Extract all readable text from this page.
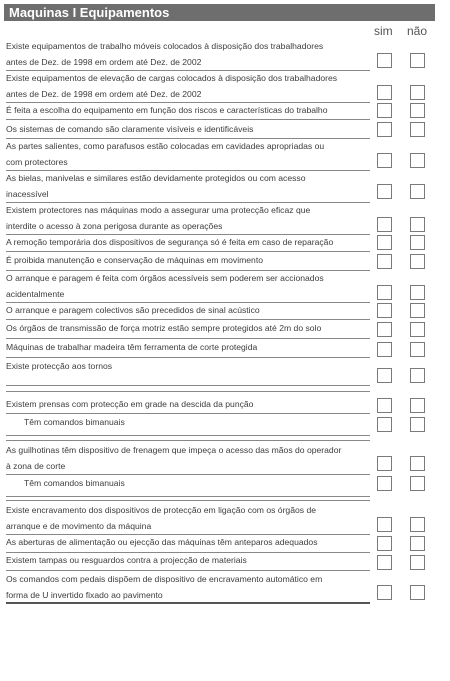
Maquinas I Equipamentos
sim não
Existe equipamentos de trabalho móveis colocados à disposição dos trabalhadores
antes de Dez. de 1998 em ordem até Dez. de 2002
Existe equipamentos de elevação de cargas colocados à disposição dos trabalhadores
antes de Dez. de 1998 em ordem até Dez. de 2002
É feita a escolha do equipamento em função dos riscos e características do trabalho
Os sistemas de comando são claramente visíveis e identificáveis
As partes salientes, como parafusos estão colocadas em cavidades apropriadas ou
com protectores
As bielas, manivelas e similares estão devidamente protegidos ou com acesso
inacessível
Existem protectores nas máquinas modo a assegurar uma protecção eficaz que
interdite o acesso à zona perigosa durante as operações
A remoção temporária dos dispositivos de segurança só é feita em caso de reparação
É proibida manutenção e conservação de máquinas em movimento
O arranque e paragem é feita com órgãos acessíveis sem poderem ser accionados
acidentalmente
O arranque e paragem colectivos são precedidos de sinal acústico
Os órgãos de transmissão de força motriz estão sempre protegidos até 2m do solo
Máquinas de trabalhar madeira têm ferramenta de corte protegida
Existe protecção aos tornos
Existem prensas com protecção em grade na descida da punção
Têm comandos bimanuais
As guilhotinas têm dispositivo de frenagem que impeça o acesso das mãos do operador
à zona de corte
Têm comandos bimanuais
Existe encravamento dos dispositivos de protecção em ligação com os órgãos de
arranque e de movimento da máquina
As aberturas de alimentação ou ejecção das máquinas têm anteparos adequados
Existem tampas ou resguardos contra a projecção de materiais
Os comandos com pedais dispõem de dispositivo de encravamento automático em
forma de U invertido fixado ao pavimento
